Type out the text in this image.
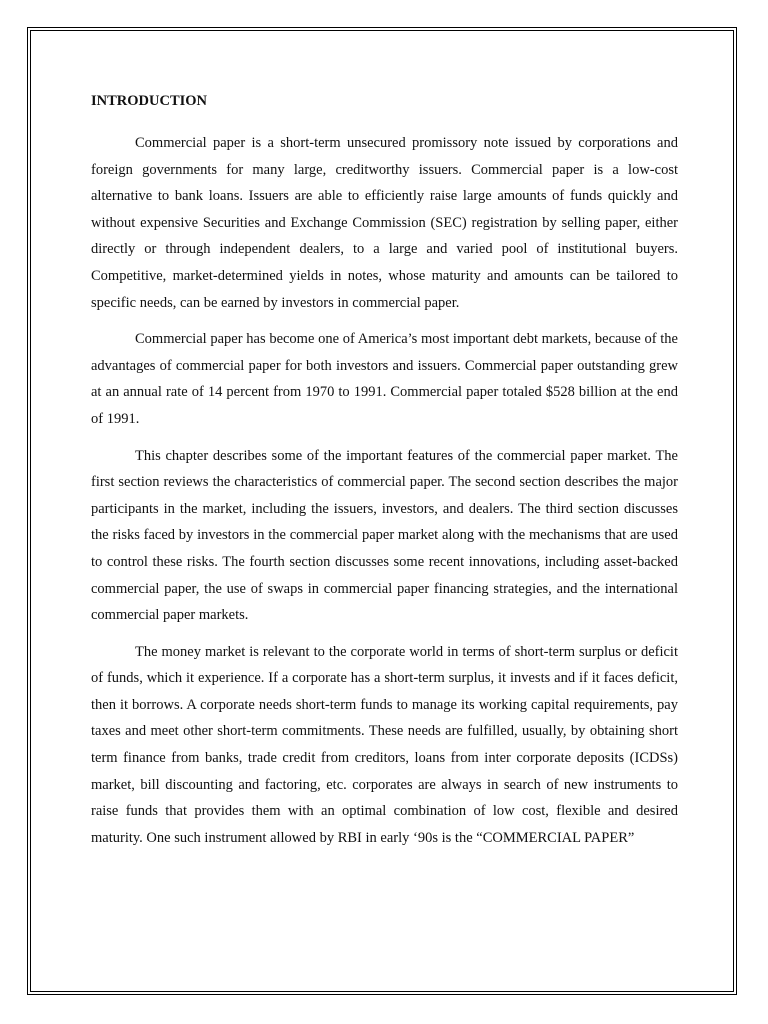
INTRODUCTION

Commercial paper is a short-term unsecured promissory note issued by corporations and foreign governments for many large, creditworthy issuers. Commercial paper is a low-cost alternative to bank loans. Issuers are able to efficiently raise large amounts of funds quickly and without expensive Securities and Exchange Commission (SEC) registration by selling paper, either directly or through independent dealers, to a large and varied pool of institutional buyers. Competitive, market-determined yields in notes, whose maturity and amounts can be tailored to specific needs, can be earned by investors in commercial paper.

Commercial paper has become one of America’s most important debt markets, because of the advantages of commercial paper for both investors and issuers. Commercial paper outstanding grew at an annual rate of 14 percent from 1970 to 1991. Commercial paper totaled $528 billion at the end of 1991.

This chapter describes some of the important features of the commercial paper market. The first section reviews the characteristics of commercial paper. The second section describes the major participants in the market, including the issuers, investors, and dealers. The third section discusses the risks faced by investors in the commercial paper market along with the mechanisms that are used to control these risks. The fourth section discusses some recent innovations, including asset-backed commercial paper, the use of swaps in commercial paper financing strategies, and the international commercial paper markets.

The money market is relevant to the corporate world in terms of short-term surplus or deficit of funds, which it experience. If a corporate has a short-term surplus, it invests and if it faces deficit, then it borrows. A corporate needs short-term funds to manage its working capital requirements, pay taxes and meet other short-term commitments. These needs are fulfilled, usually, by obtaining short term finance from banks, trade credit from creditors, loans from inter corporate deposits (ICDSs) market, bill discounting and factoring, etc. corporates are always in search of new instruments to raise funds that provides them with an optimal combination of low cost, flexible and desired maturity. One such instrument allowed by RBI in early ‘90s is the “COMMERCIAL PAPER”
